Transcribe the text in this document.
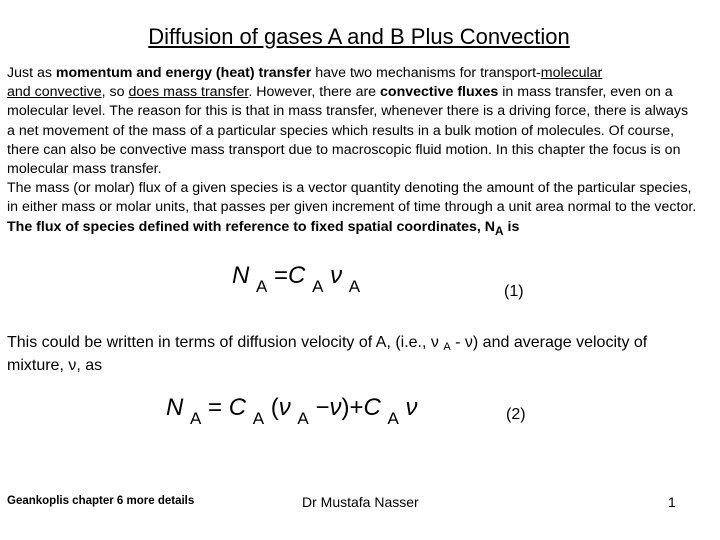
Diffusion of gases A and B Plus Convection

Just as momentum and energy (heat) transfer have two mechanisms for transport-molecular
and convective, so does mass transfer. However, there are convective fluxes in mass transfer, even on a molecular level. The reason for this is that in mass transfer, whenever there is a driving force, there is always a net movement of the mass of a particular species which results in a bulk motion of molecules. Of course, there can also be convective mass transport due to macroscopic fluid motion. In this chapter the focus is on molecular mass transfer.

The mass (or molar) flux of a given species is a vector quantity denoting the amount of the particular species, in either mass or molar units, that passes per given increment of time through a unit area normal to the vector. The flux of species defined with reference to fixed spatial coordinates, $N_A$ is

N $_A$ =C $_A$ ν $_A$	(1)
This could be written in terms of diffusion velocity of A, (i.e., ν A - ν) and average velocity of mixture, ν, as
N $_A$ = C $_A$ (ν $_A$ −ν)+C $_A$ ν	(2)
Geankoplis chapter 6 more details	Dr Mustafa Nasser	1
